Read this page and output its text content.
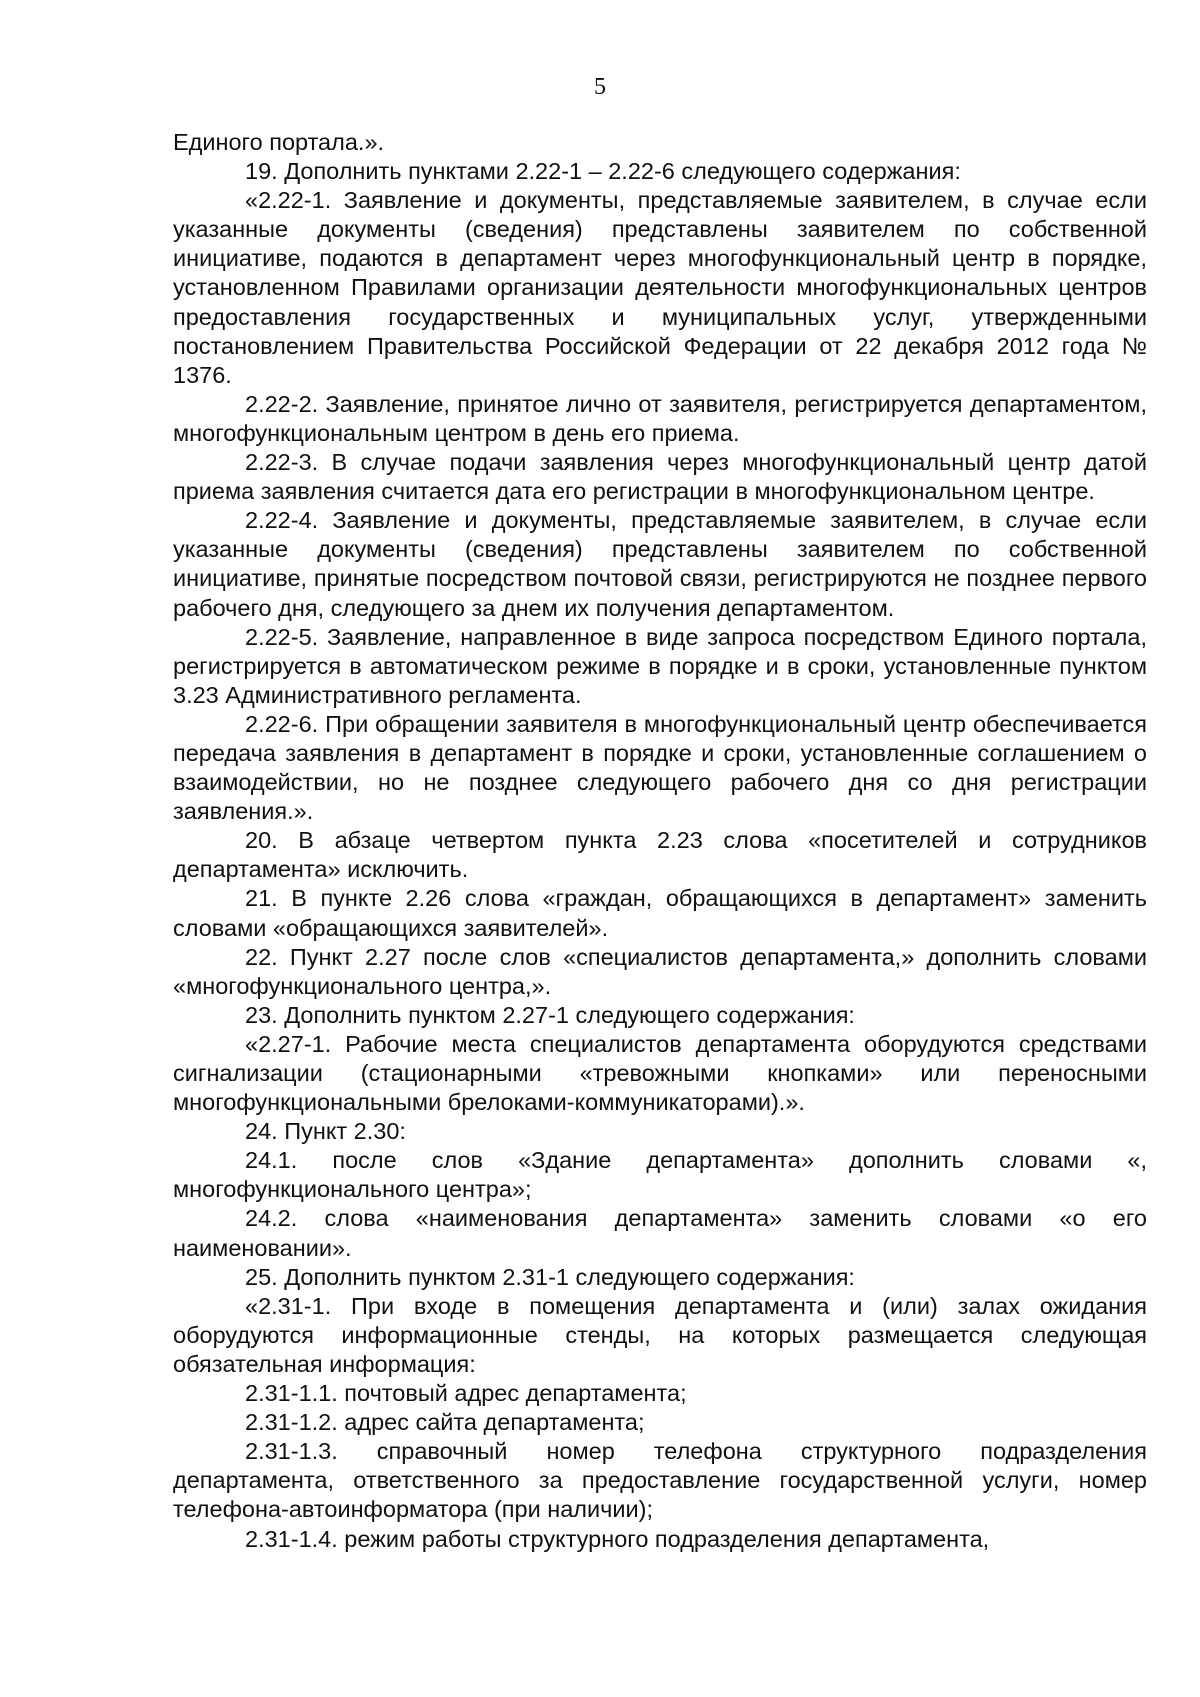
5

Единого портала.».

19. Дополнить пунктами 2.22-1 – 2.22-6 следующего содержания:

«2.22-1. Заявление и документы, представляемые заявителем, в случае если указанные документы (сведения) представлены заявителем по собственной инициативе, подаются в департамент через многофункциональный центр в порядке, установленном Правилами организации деятельности многофункциональных центров предоставления государственных и муниципальных услуг, утвержденными постановлением Правительства Российской Федерации от 22 декабря 2012 года № 1376.

2.22-2. Заявление, принятое лично от заявителя, регистрируется департаментом, многофункциональным центром в день его приема.

2.22-3. В случае подачи заявления через многофункциональный центр датой приема заявления считается дата его регистрации в многофункциональном центре.

2.22-4. Заявление и документы, представляемые заявителем, в случае если указанные документы (сведения) представлены заявителем по собственной инициативе, принятые посредством почтовой связи, регистрируются не позднее первого рабочего дня, следующего за днем их получения департаментом.

2.22-5. Заявление, направленное в виде запроса посредством Единого портала, регистрируется в автоматическом режиме в порядке и в сроки, установленные пунктом 3.23 Административного регламента.

2.22-6. При обращении заявителя в многофункциональный центр обеспечивается передача заявления в департамент в порядке и сроки, установленные соглашением о взаимодействии, но не позднее следующего рабочего дня со дня регистрации заявления.».

20. В абзаце четвертом пункта 2.23 слова «посетителей и сотрудников департамента» исключить.

21. В пункте 2.26 слова «граждан, обращающихся в департамент» заменить словами «обращающихся заявителей».

22. Пункт 2.27 после слов «специалистов департамента,» дополнить словами «многофункционального центра,».

23. Дополнить пунктом 2.27-1 следующего содержания:

«2.27-1. Рабочие места специалистов департамента оборудуются средствами сигнализации (стационарными «тревожными кнопками» или переносными многофункциональными брелоками-коммуникаторами).».

24. Пункт 2.30:

24.1. после слов «Здание департамента» дополнить словами «, многофункционального центра»;

24.2. слова «наименования департамента» заменить словами «о его наименовании».

25. Дополнить пунктом 2.31-1 следующего содержания:

«2.31-1. При входе в помещения департамента и (или) залах ожидания оборудуются информационные стенды, на которых размещается следующая обязательная информация:

2.31-1.1. почтовый адрес департамента;

2.31-1.2. адрес сайта департамента;

2.31-1.3. справочный номер телефона структурного подразделения департамента, ответственного за предоставление государственной услуги, номер телефона-автоинформатора (при наличии);

2.31-1.4. режим работы структурного подразделения департамента,
